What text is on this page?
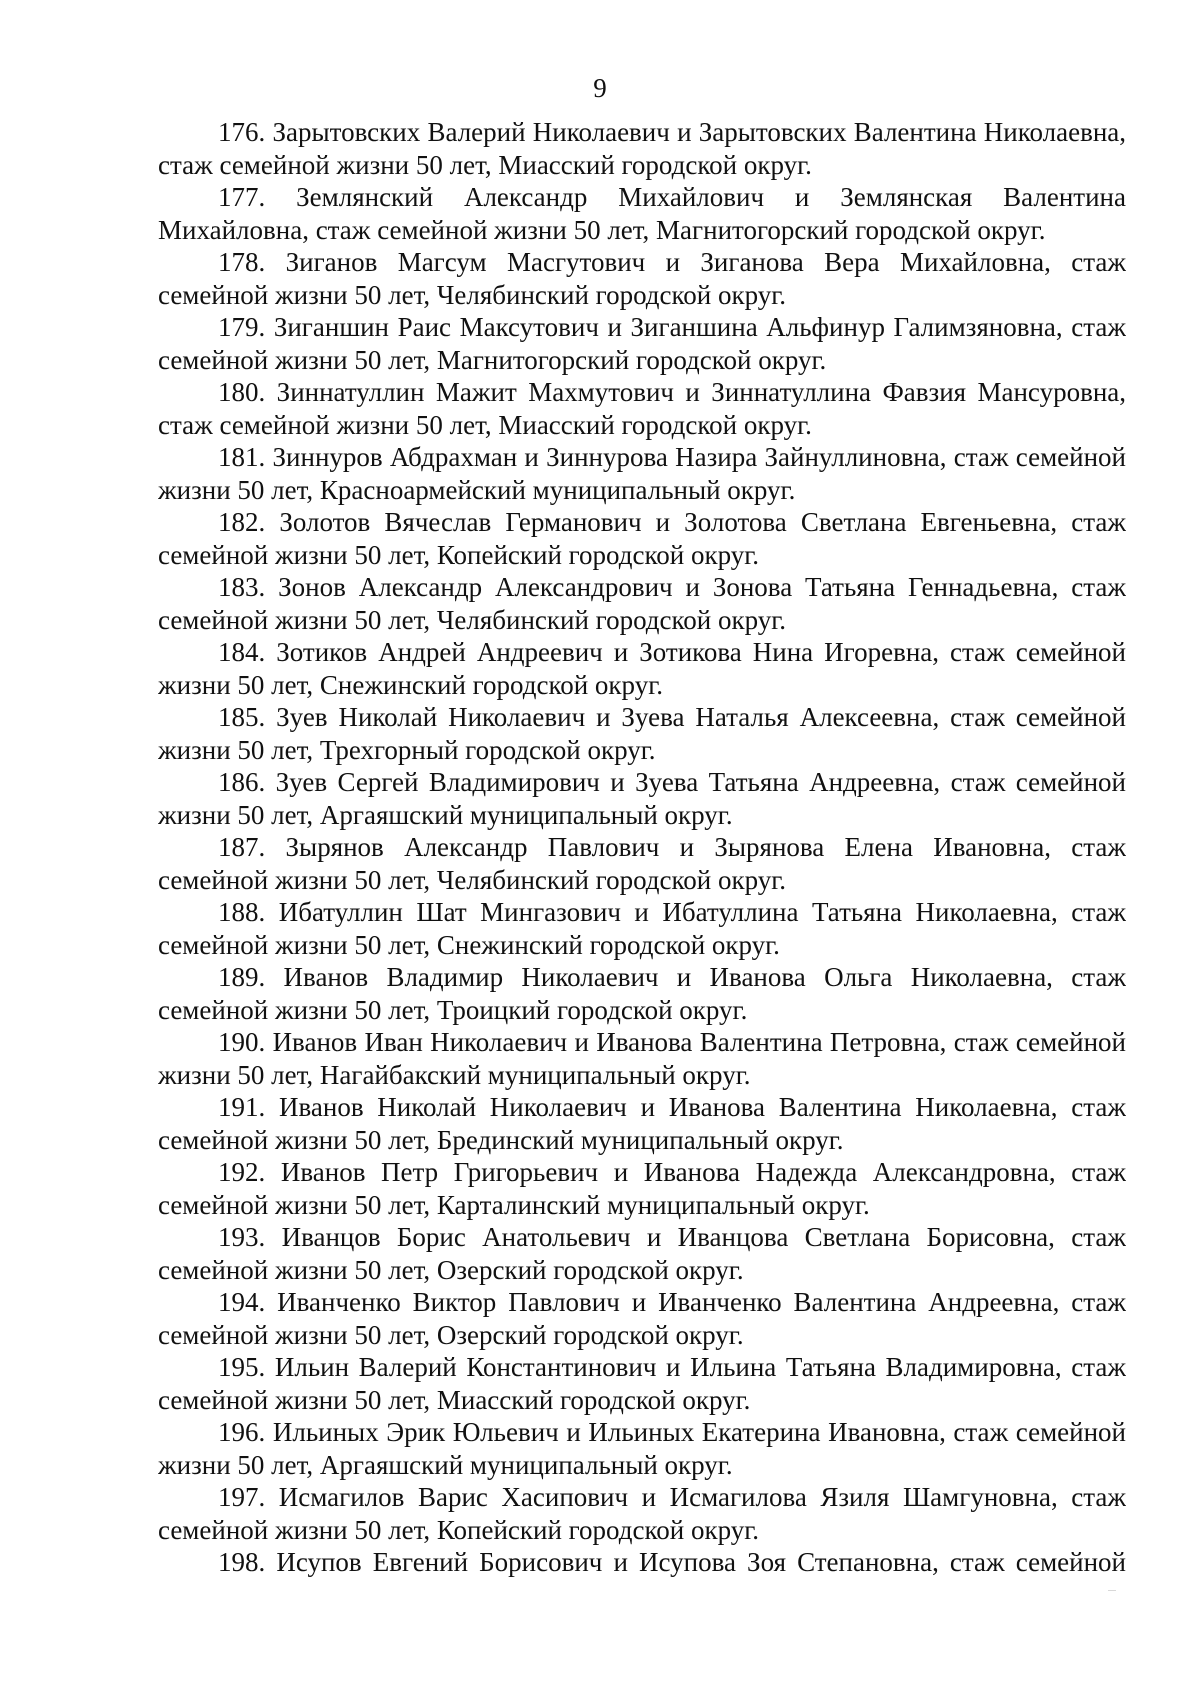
9

176. Зарытовских Валерий Николаевич и Зарытовских Валентина Николаевна, стаж семейной жизни 50 лет, Миасский городской округ.

177. Землянский Александр Михайлович и Землянская Валентина Михайловна, стаж семейной жизни 50 лет, Магнитогорский городской округ.

178. Зиганов Магсум Масгутович и Зиганова Вера Михайловна, стаж семейной жизни 50 лет, Челябинский городской округ.

179. Зиганшин Раис Максутович и Зиганшина Альфинур Галимзяновна, стаж семейной жизни 50 лет, Магнитогорский городской округ.

180. Зиннатуллин Мажит Махмутович и Зиннатуллина Фавзия Мансуровна, стаж семейной жизни 50 лет, Миасский городской округ.

181. Зиннуров Абдрахман и Зиннурова Назира Зайнуллиновна, стаж семейной жизни 50 лет, Красноармейский муниципальный округ.

182. Золотов Вячеслав Германович и Золотова Светлана Евгеньевна, стаж семейной жизни 50 лет, Копейский городской округ.

183. Зонов Александр Александрович и Зонова Татьяна Геннадьевна, стаж семейной жизни 50 лет, Челябинский городской округ.

184. Зотиков Андрей Андреевич и Зотикова Нина Игоревна, стаж семейной жизни 50 лет, Снежинский городской округ.

185. Зуев Николай Николаевич и Зуева Наталья Алексеевна, стаж семейной жизни 50 лет, Трехгорный городской округ.

186. Зуев Сергей Владимирович и Зуева Татьяна Андреевна, стаж семейной жизни 50 лет, Аргаяшский муниципальный округ.

187. Зырянов Александр Павлович и Зырянова Елена Ивановна, стаж семейной жизни 50 лет, Челябинский городской округ.

188. Ибатуллин Шат Мингазович и Ибатуллина Татьяна Николаевна, стаж семейной жизни 50 лет, Снежинский городской округ.

189. Иванов Владимир Николаевич и Иванова Ольга Николаевна, стаж семейной жизни 50 лет, Троицкий городской округ.

190. Иванов Иван Николаевич и Иванова Валентина Петровна, стаж семейной жизни 50 лет, Нагайбакский муниципальный округ.

191. Иванов Николай Николаевич и Иванова Валентина Николаевна, стаж семейной жизни 50 лет, Брединский муниципальный округ.

192. Иванов Петр Григорьевич и Иванова Надежда Александровна, стаж семейной жизни 50 лет, Карталинский муниципальный округ.

193. Иванцов Борис Анатольевич и Иванцова Светлана Борисовна, стаж семейной жизни 50 лет, Озерский городской округ.

194. Иванченко Виктор Павлович и Иванченко Валентина Андреевна, стаж семейной жизни 50 лет, Озерский городской округ.

195. Ильин Валерий Константинович и Ильина Татьяна Владимировна, стаж семейной жизни 50 лет, Миасский городской округ.

196. Ильиных Эрик Юльевич и Ильиных Екатерина Ивановна, стаж семейной жизни 50 лет, Аргаяшский муниципальный округ.

197. Исмагилов Варис Хасипович и Исмагилова Язиля Шамгуновна, стаж семейной жизни 50 лет, Копейский городской округ.

198. Исупов Евгений Борисович и Исупова Зоя Степановна, стаж семейной
